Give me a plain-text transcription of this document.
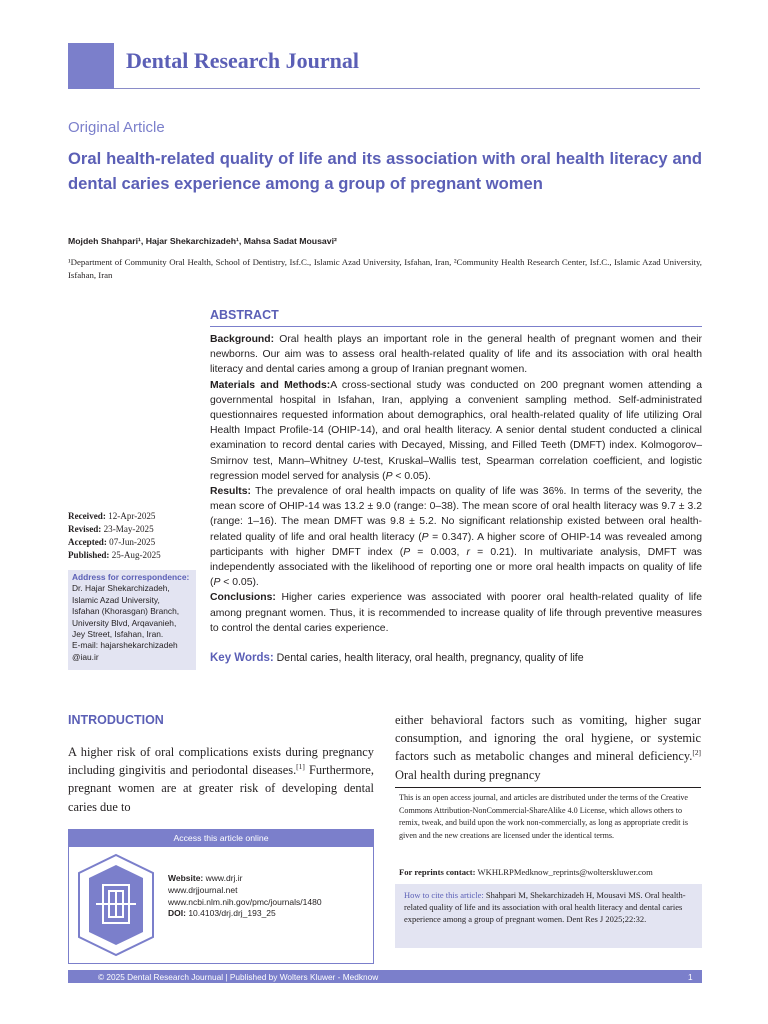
Dental Research Journal
Original Article
Oral health-related quality of life and its association with oral health literacy and dental caries experience among a group of pregnant women
Mojdeh Shahpari¹, Hajar Shekarchizadeh¹, Mahsa Sadat Mousavi²
¹Department of Community Oral Health, School of Dentistry, Isf.C., Islamic Azad University, Isfahan, Iran, ²Community Health Research Center, Isf.C., Islamic Azad University, Isfahan, Iran
ABSTRACT
Background: Oral health plays an important role in the general health of pregnant women and their newborns. Our aim was to assess oral health-related quality of life and its association with oral health literacy and dental caries among a group of Iranian pregnant women.
Materials and Methods:A cross-sectional study was conducted on 200 pregnant women attending a governmental hospital in Isfahan, Iran, applying a convenient sampling method. Self-administrated questionnaires requested information about demographics, oral health-related quality of life utilizing Oral Health Impact Profile-14 (OHIP-14), and oral health literacy. A senior dental student conducted a clinical examination to record dental caries with Decayed, Missing, and Filled Teeth (DMFT) index. Kolmogorov–Smirnov test, Mann–Whitney U-test, Kruskal–Wallis test, Spearman correlation coefficient, and logistic regression model served for analysis (P < 0.05).
Results: The prevalence of oral health impacts on quality of life was 36%. In terms of the severity, the mean score of OHIP-14 was 13.2 ± 9.0 (range: 0–38). The mean score of oral health literacy was 9.7 ± 3.2 (range: 1–16). The mean DMFT was 9.8 ± 5.2. No significant relationship existed between oral health-related quality of life and oral health literacy (P = 0.347). A higher score of OHIP-14 was revealed among participants with higher DMFT index (P = 0.003, r = 0.21). In multivariate analysis, DMFT was independently associated with the likelihood of reporting one or more oral health impacts on quality of life (P < 0.05).
Conclusions: Higher caries experience was associated with poorer oral health-related quality of life among pregnant women. Thus, it is recommended to increase quality of life through preventive measures to control the dental caries experience.
Key Words: Dental caries, health literacy, oral health, pregnancy, quality of life
Received: 12-Apr-2025
Revised: 23-May-2025
Accepted: 07-Jun-2025
Published: 25-Aug-2025
Address for correspondence:
Dr. Hajar Shekarchizadeh,
Islamic Azad University,
Isfahan (Khorasgan) Branch,
University Blvd, Arqavanieh,
Jey Street, Isfahan, Iran.
E-mail: hajarshekarchizadeh
@iau.ir
INTRODUCTION
A higher risk of oral complications exists during pregnancy including gingivitis and periodontal diseases.[1] Furthermore, pregnant women are at greater risk of developing dental caries due to
either behavioral factors such as vomiting, higher sugar consumption, and ignoring the oral hygiene, or systemic factors such as metabolic changes and mineral deficiency.[2] Oral health during pregnancy
Access this article online
Website: www.drj.ir
www.drjjournal.net
www.ncbi.nlm.nih.gov/pmc/journals/1480
DOI: 10.4103/drj.drj_193_25
This is an open access journal, and articles are distributed under the terms of the Creative Commons Attribution-NonCommercial-ShareAlike 4.0 License, which allows others to remix, tweak, and build upon the work non-commercially, as long as appropriate credit is given and the new creations are licensed under the identical terms.
For reprints contact: WKHLRPMedknow_reprints@wolterskluwer.com
How to cite this article: Shahpari M, Shekarchizadeh H, Mousavi MS. Oral health-related quality of life and its association with oral health literacy and dental caries experience among a group of pregnant women. Dent Res J 2025;22:32.
© 2025 Dental Research Journual | Published by Wolters Kluwer - Medknow	1
